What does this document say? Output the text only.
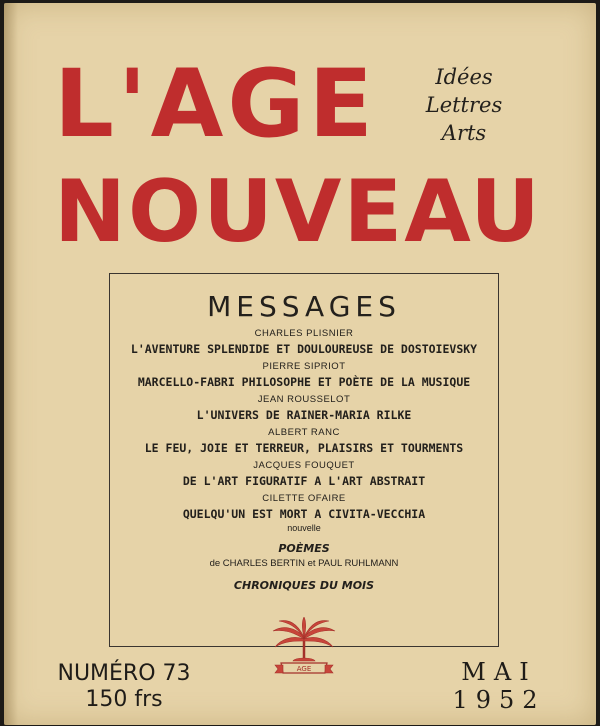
L'AGE
NOUVEAU
Idées
Lettres
Arts
MESSAGES
CHARLES PLISNIER
L'AVENTURE SPLENDIDE ET DOULOUREUSE DE DOSTOIEVSKY
PIERRE SIPRIOT
MARCELLO-FABRI PHILOSOPHE ET POÈTE DE LA MUSIQUE
JEAN ROUSSELOT
L'UNIVERS DE RAINER-MARIA RILKE
ALBERT RANC
LE FEU, JOIE ET TERREUR, PLAISIRS ET TOURMENTS
JACQUES FOUQUET
DE L'ART FIGURATIF A L'ART ABSTRAIT
CILETTE OFAIRE
QUELQU'UN EST MORT A CIVITA-VECCHIA
nouvelle
POÈMES
de CHARLES BERTIN et PAUL RUHLMANN
CHRONIQUES DU MOIS
AGE
NUMÉRO 73
150 frs
MAI
1952
